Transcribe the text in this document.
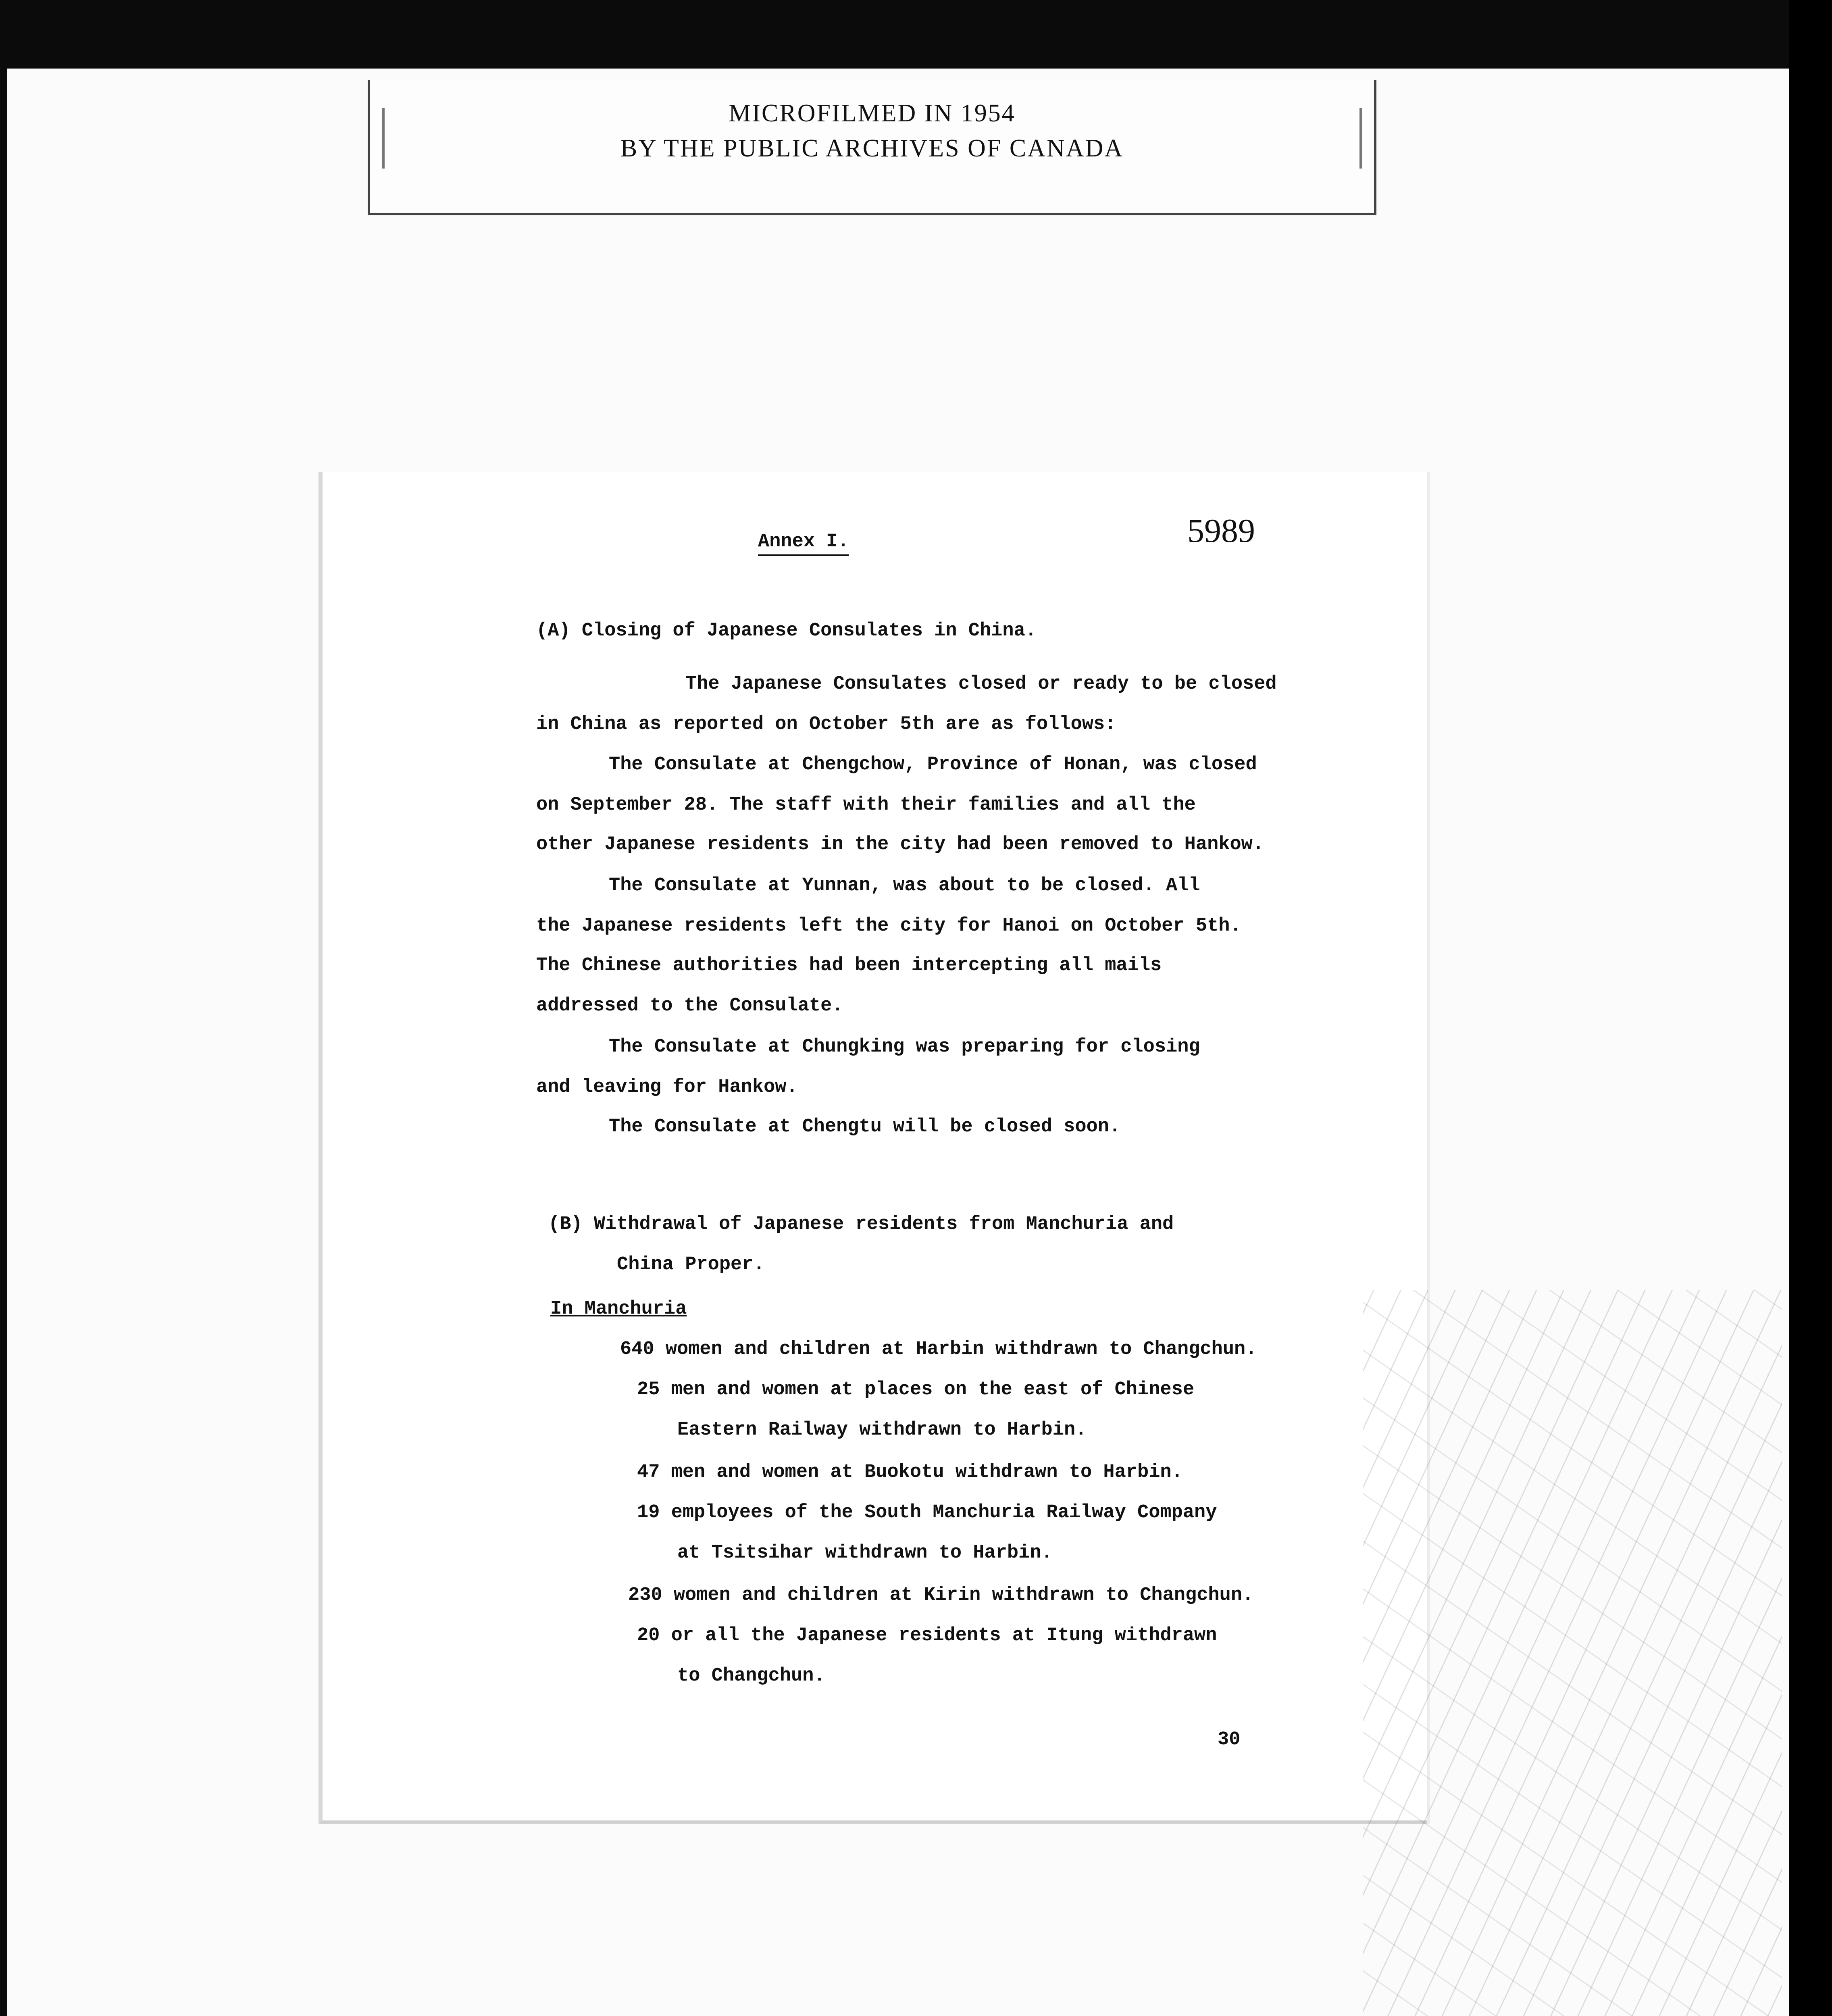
MICROFILMED IN 1954
BY THE PUBLIC ARCHIVES OF CANADA
Annex I.	5989
(A) Closing of Japanese Consulates in China.
The Japanese Consulates closed or ready to be closed
in China as reported on October 5th are as follows:
The Consulate at Chengchow, Province of Honan, was closed
on September 28. The staff with their families and all the
other Japanese residents in the city had been removed to Hankow.
The Consulate at Yunnan, was about to be closed. All
the Japanese residents left the city for Hanoi on October 5th.
The Chinese authorities had been intercepting all mails
addressed to the Consulate.
The Consulate at Chungking was preparing for closing
and leaving for Hankow.
The Consulate at Chengtu will be closed soon.
(B) Withdrawal of Japanese residents from Manchuria and
China Proper.
In Manchuria
640 women and children at Harbin withdrawn to Changchun.
25 men and women at places on the east of Chinese
Eastern Railway withdrawn to Harbin.
47 men and women at Buokotu withdrawn to Harbin.
19 employees of the South Manchuria Railway Company
at Tsitsihar withdrawn to Harbin.
230 women and children at Kirin withdrawn to Changchun.
20 or all the Japanese residents at Itung withdrawn
to Changchun.
30
